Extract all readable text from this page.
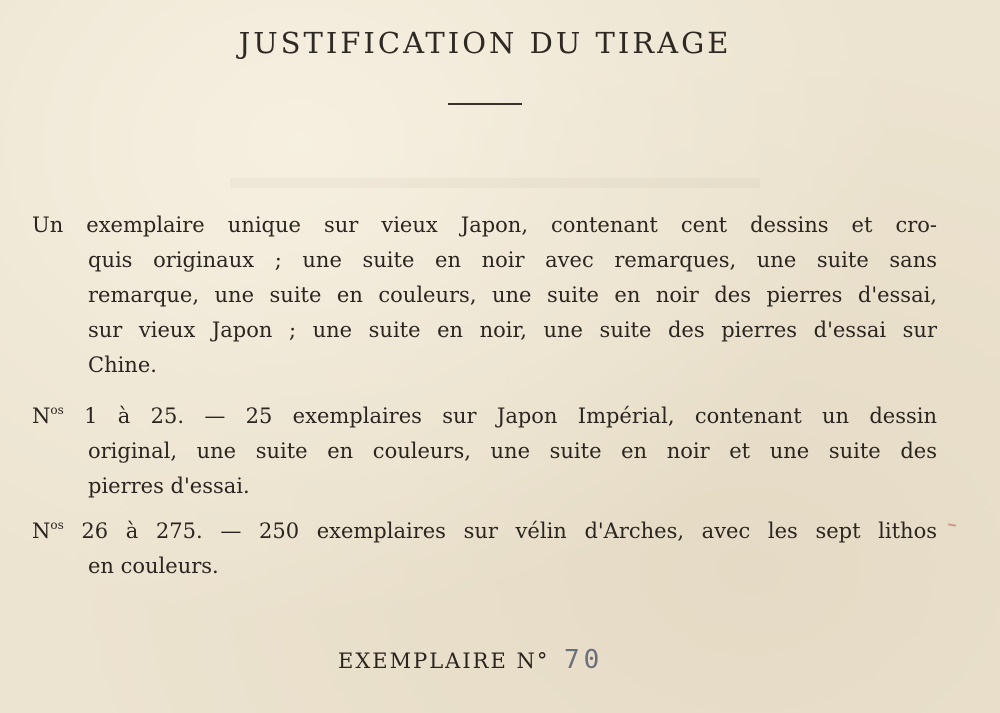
JUSTIFICATION DU TIRAGE
Un exemplaire unique sur vieux Japon, contenant cent dessins et cro-
quis originaux ; une suite en noir avec remarques, une suite sans
remarque, une suite en couleurs, une suite en noir des pierres d'essai,
sur vieux Japon ; une suite en noir, une suite des pierres d'essai sur
Chine.
$N^{os}$ 1 à 25. — 25 exemplaires sur Japon Impérial, contenant un dessin
original, une suite en couleurs, une suite en noir et une suite des
pierres d'essai.
$N^{os}$ 26 à 275. — 250 exemplaires sur vélin d'Arches, avec les sept lithos
en couleurs.
EXEMPLAIRE N° 70
